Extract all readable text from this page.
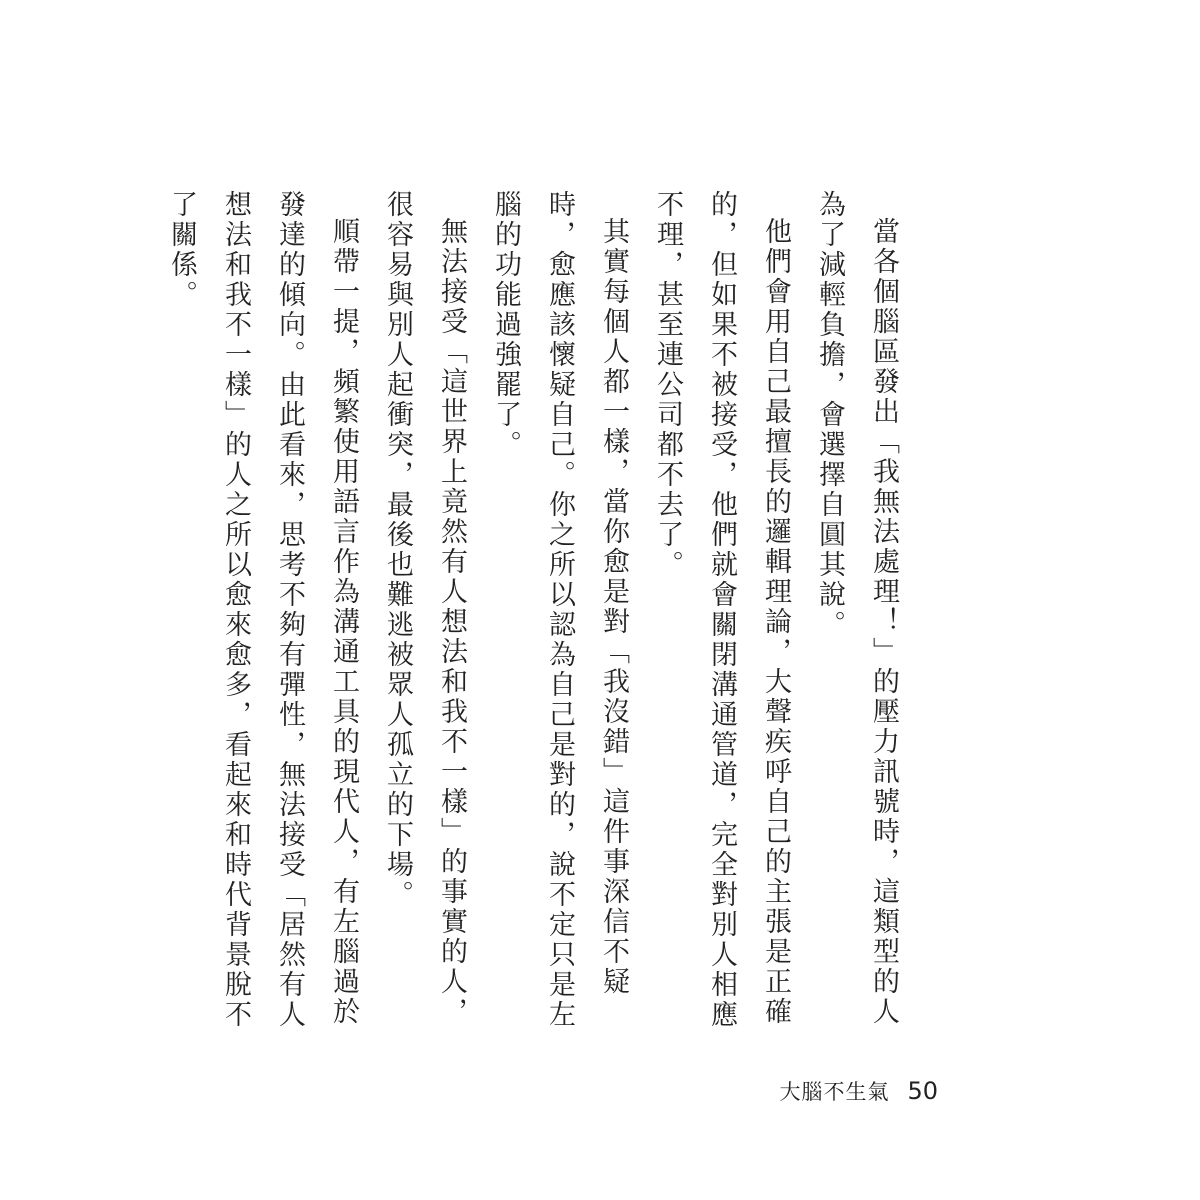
當各個腦區發出「我無法處理！」的壓力訊號時，這類型的人為了減輕負擔，會選擇自圓其說。

他們會用自己最擅長的邏輯理論，大聲疾呼自己的主張是正確的，但如果不被接受，他們就會關閉溝通管道，完全對別人相應不理，甚至連公司都不去了。

其實每個人都一樣，當你愈是對「我沒錯」這件事深信不疑時，愈應該懷疑自己。你之所以認為自己是對的，說不定只是左腦的功能過強罷了。

無法接受「這世界上竟然有人想法和我不一樣」的事實的人，很容易與別人起衝突，最後也難逃被眾人孤立的下場。

順帶一提，頻繁使用語言作為溝通工具的現代人，有左腦過於發達的傾向。由此看來，思考不夠有彈性，無法接受「居然有人想法和我不一樣」的人之所以愈來愈多，看起來和時代背景脫不了關係。

大腦不生氣 50
